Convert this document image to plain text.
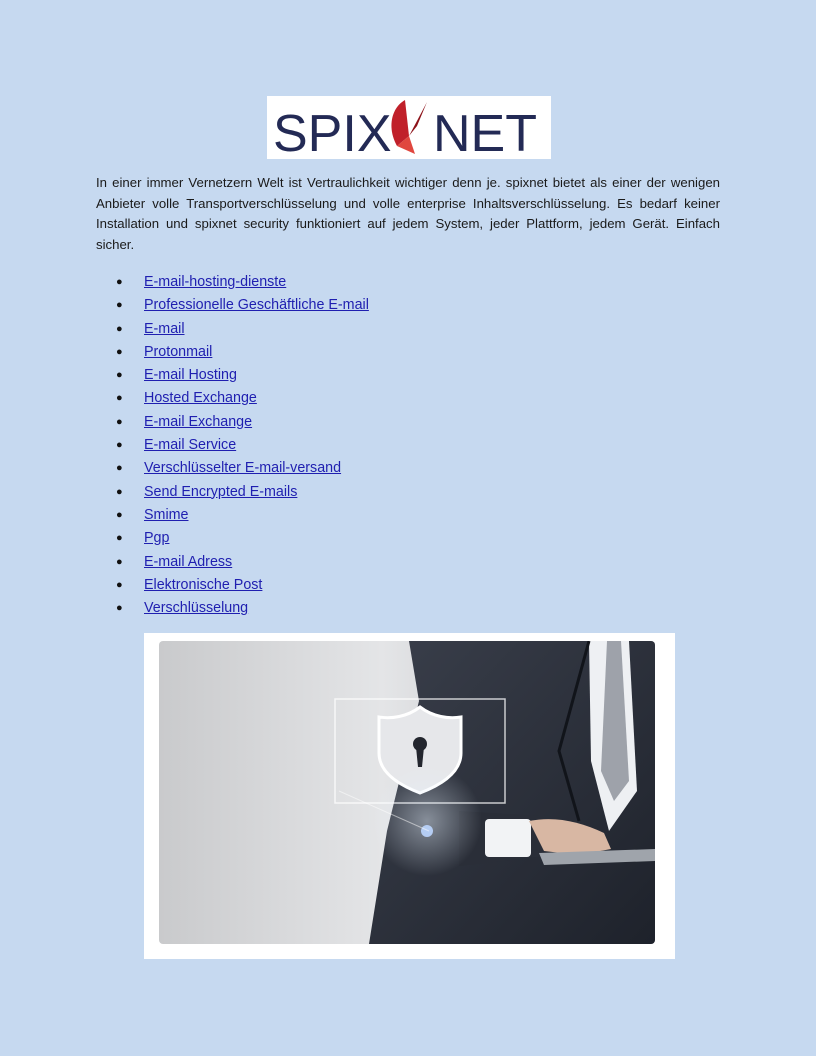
SPIX NET

In einer immer Vernetzern Welt ist Vertraulichkeit wichtiger denn je. spixnet bietet als einer der wenigen Anbieter volle Transportverschlüsselung und volle enterprise Inhaltsverschlüsselung. Es bedarf keiner Installation und spixnet security funktioniert auf jedem System, jeder Plattform, jedem Gerät. Einfach sicher.

● E-mail-hosting-dienste
● Professionelle Geschäftliche E-mail
● E-mail
● Protonmail
● E-mail Hosting
● Hosted Exchange
● E-mail Exchange
● E-mail Service
● Verschlüsselter E-mail-versand
● Send Encrypted E-mails
● Smime
● Pgp
● E-mail Adress
● Elektronische Post
● Verschlüsselung
